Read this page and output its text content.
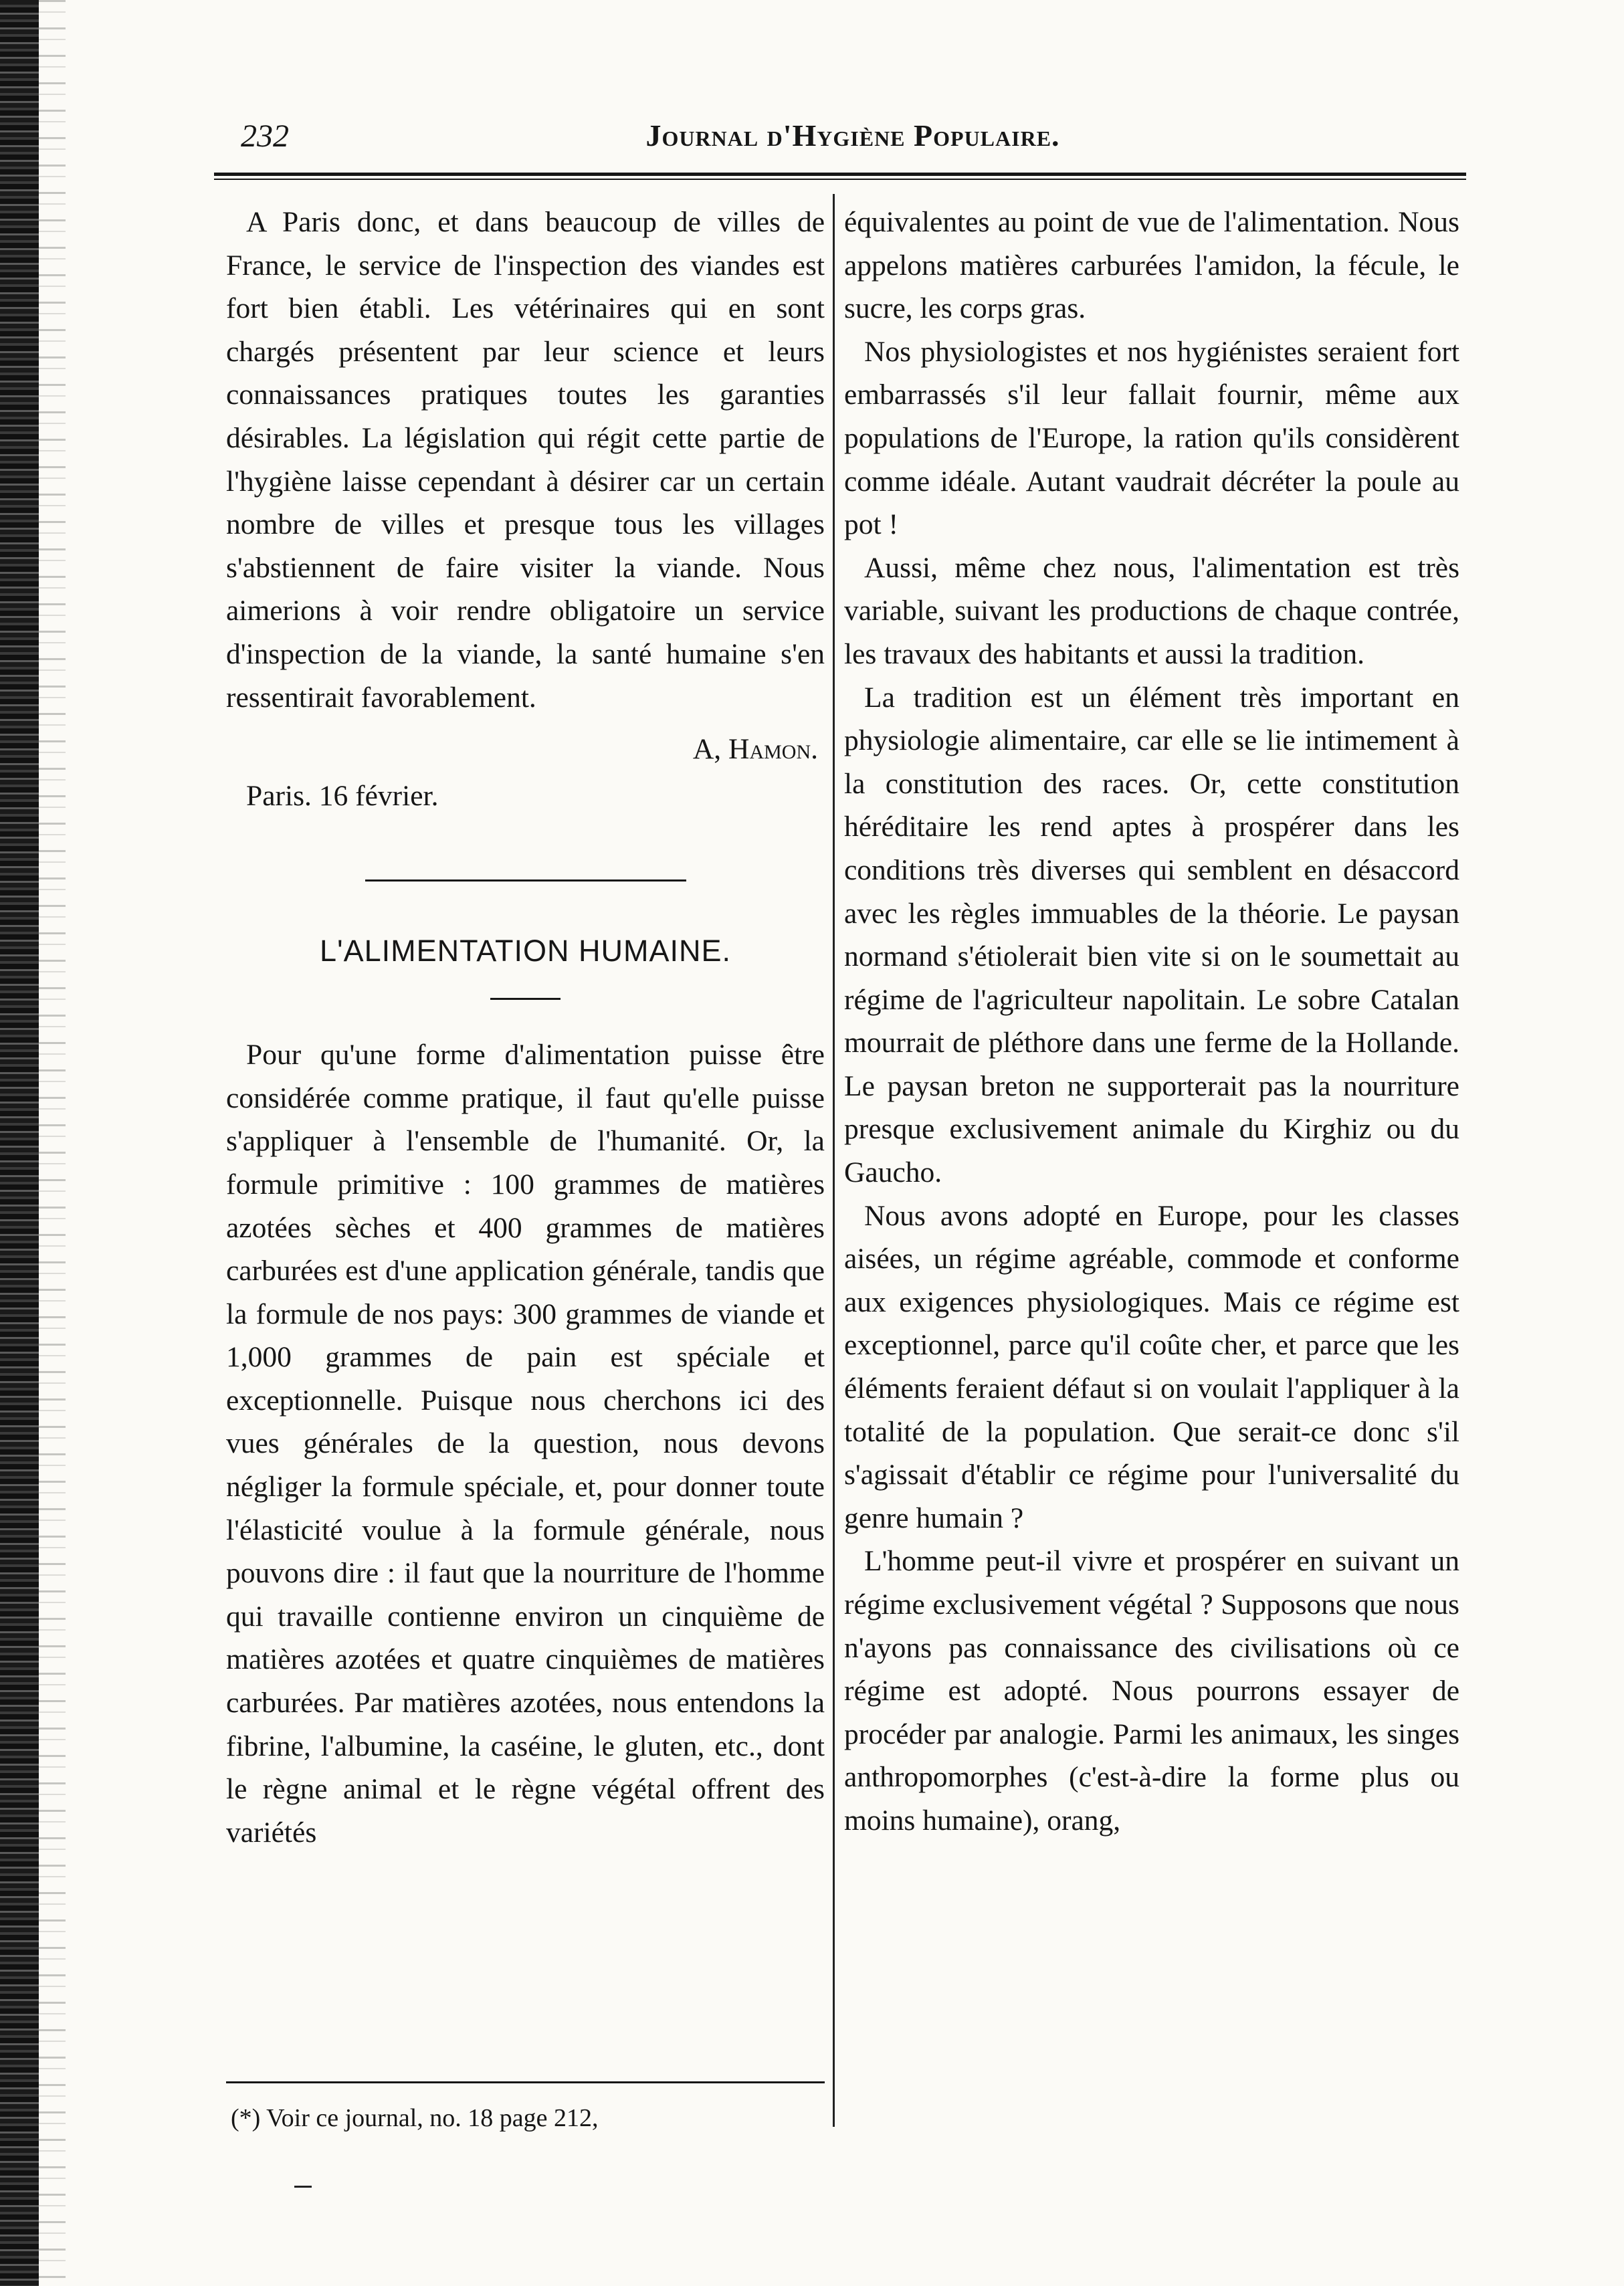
232	Journal d'Hygiène Populaire.

A Paris donc, et dans beaucoup de villes de France, le service de l'inspection des viandes est fort bien établi. Les vétérinaires qui en sont chargés présentent par leur science et leurs connaissances pratiques toutes les garanties désirables. La législation qui régit cette partie de l'hygiène laisse cependant à désirer car un certain nombre de villes et presque tous les villages s'abstiennent de faire visiter la viande. Nous aimerions à voir rendre obligatoire un service d'inspection de la viande, la santé humaine s'en ressentirait favorablement.

A, Hamon.
Paris. 16 février.
L'ALIMENTATION HUMAINE.

Pour qu'une forme d'alimentation puisse être considérée comme pratique, il faut qu'elle puisse s'appliquer à l'ensemble de l'humanité. Or, la formule primitive : 100 grammes de matières azotées sèches et 400 grammes de matières carburées est d'une application générale, tandis que la formule de nos pays: 300 grammes de viande et 1,000 grammes de pain est spéciale et exceptionnelle. Puisque nous cherchons ici des vues générales de la question, nous devons négliger la formule spéciale, et, pour donner toute l'élasticité voulue à la formule générale, nous pouvons dire : il faut que la nourriture de l'homme qui travaille contienne environ un cinquième de matières azotées et quatre cinquièmes de matières carburées. Par matières azotées, nous entendons la fibrine, l'albumine, la caséine, le gluten, etc., dont le règne animal et le règne végétal offrent des variétés

(*) Voir ce journal, no. 18 page 212,

équivalentes au point de vue de l'alimentation. Nous appelons matières carburées l'amidon, la fécule, le sucre, les corps gras.

Nos physiologistes et nos hygiénistes seraient fort embarrassés s'il leur fallait fournir, même aux populations de l'Europe, la ration qu'ils considèrent comme idéale. Autant vaudrait décréter la poule au pot !

Aussi, même chez nous, l'alimentation est très variable, suivant les productions de chaque contrée, les travaux des habitants et aussi la tradition.

La tradition est un élément très important en physiologie alimentaire, car elle se lie intimement à la constitution des races. Or, cette constitution héréditaire les rend aptes à prospérer dans les conditions très diverses qui semblent en désaccord avec les règles immuables de la théorie. Le paysan normand s'étiolerait bien vite si on le soumettait au régime de l'agriculteur napolitain. Le sobre Catalan mourrait de pléthore dans une ferme de la Hollande. Le paysan breton ne supporterait pas la nourriture presque exclusivement animale du Kirghiz ou du Gaucho.

Nous avons adopté en Europe, pour les classes aisées, un régime agréable, commode et conforme aux exigences physiologiques. Mais ce régime est exceptionnel, parce qu'il coûte cher, et parce que les éléments feraient défaut si on voulait l'appliquer à la totalité de la population. Que serait-ce donc s'il s'agissait d'établir ce régime pour l'universalité du genre humain ?

L'homme peut-il vivre et prospérer en suivant un régime exclusivement végétal ? Supposons que nous n'ayons pas connaissance des civilisations où ce régime est adopté. Nous pourrons essayer de procéder par analogie. Parmi les animaux, les singes anthropomorphes (c'est-à-dire la forme plus ou moins humaine), orang,
